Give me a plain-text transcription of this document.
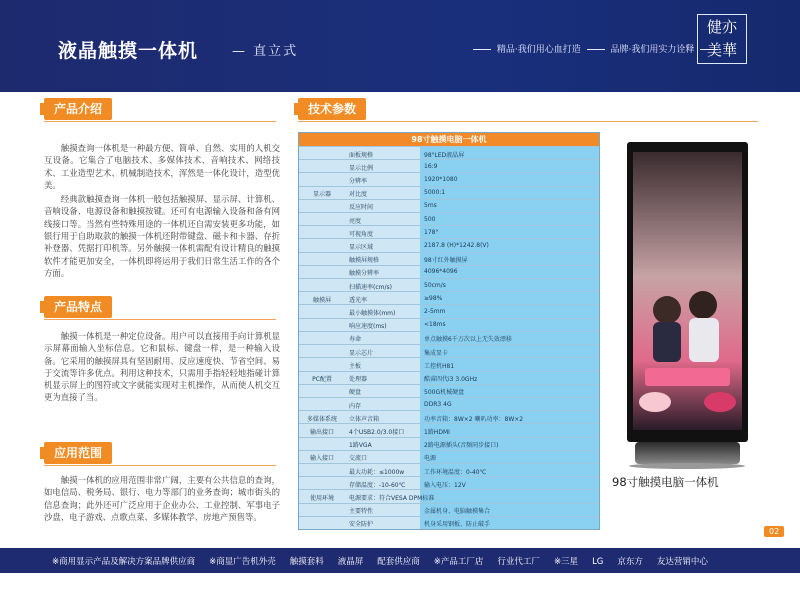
液晶触摸一体机	— 直立式	精品·我们用心血打造	品牌·我们用实力诠释
健亦 美華
产品介绍	技术参数
产品特点
应用范围

触摸查询一体机是一种最方便、简单、自然、实用的人机交互设备。它集合了电脑技术、多媒体技术、音响技术、网络技术、工业造型艺术、机械制造技术，浑然是一体化设计，造型优美。

经典款触摸查询一体机一般包括触摸屏、显示屏、计算机、音响设备、电源设备和触摸按键。还可有电源输入设备和备有网线接口等。当然有些特殊用途的一体机还自需安装更多功能，如银行用于自助取款的触摸一体机还附带键盘、磁卡和卡器、存折补登器、凭据打印机等。另外触摸一体机需配有设计精良的触摸软件才能更加安全，一体机即将运用于我们日常生活工作的各个方面。

触摸一体机是一种定位设备。用户可以直接用手向计算机显示屏幕面输入坐标信息。它和鼠标、键盘一样，是一种输入设备。它采用的触摸屏具有坚固耐用、反应速度快、节省空间、易于交流等许多优点。利用这种技术，只需用手指轻轻地指碰计算机显示屏上的图符或文字就能实现对主机操作，从而使人机交互更为直接了当。

触摸一体机的应用范围非常广阔，主要有公共信息的查询，如电信局、税务局、银行、电力等部门的业务查询；城市街头的信息查询；此外还可广泛应用于企业办公、工业控制、军事电子沙盘、电子游戏、点歌点菜、多媒体教学、房地产预售等。

98寸触摸电脑一体机
面板规格	98"LED液晶屏
显示比例	16:9
分辨率	1920*1080
显示器	对比度	5000:1
反应时间	5ms
亮度	500
可视角度	178°
显示区域	2187.8 (H)*1242.8(V)
触摸屏规格	98寸红外触摸屏
触摸分辨率	4096*4096
扫描速率(cm/s)	50cm/s
触摸屏	透光率	≥98%
最小触摸体(mm)	2-5mm
响应速度(ms)	<18ms
寿命	单点触摸6千万次以上无失效漂移
显示芯片	集成显卡
主板	工控机H81
PC配置	处理器	酷睿四代i3 3.0GHz
硬盘	500G机械硬盘
内存	DDR3 4G
多媒体系统	立体声音箱	功率音箱：8W×2 喇叭功率：8W×2
输出接口	4个USB2.0/3.0接口	1路HDMI
1路VGA	2路电源插头(音频同步接口)
输入接口	交流口	电源
最大功耗：≤1000w	工作环境温度：0-40℃
存储温度：-10-60℃	输入电压：12V
使用环境	电源要求：符合VESA DPM标准
主要特性	金属机身、电脑触摸集合
安全防护	机身采用钢板、防止破手
98寸触摸电脑一体机
02
※商用显示产品及解决方案品牌供应商 ※商显广告机外壳 触摸套料 液晶屏 配套供应商 ※产品工厂店 行业代工厂 ※三星 LG 京东方 友达营销中心
